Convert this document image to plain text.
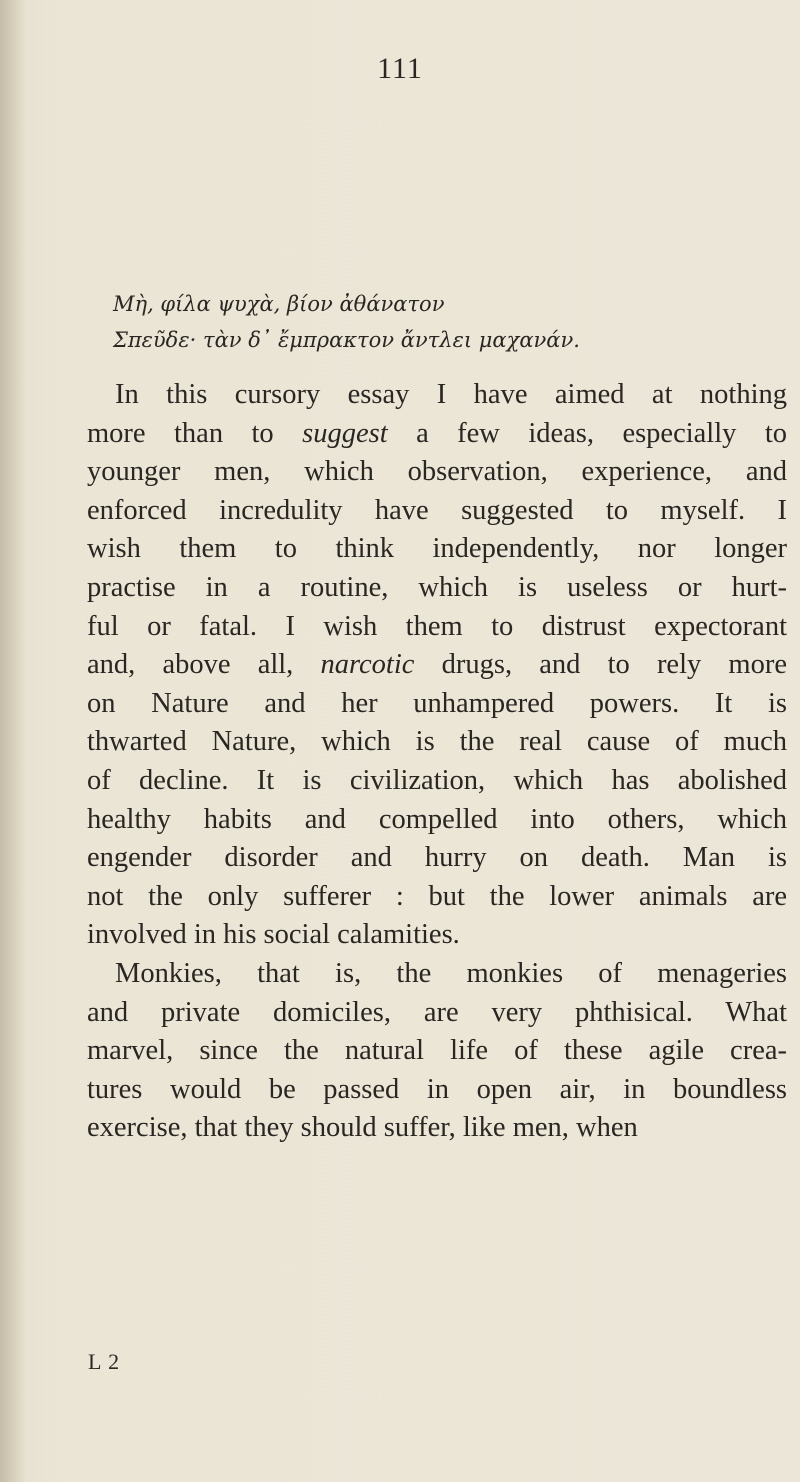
111

Μὴ, φίλα ψυχὰ, βίον ἀθάνατον

Σπεῦδε· τὰν δ᾽ ἔμπρακτον ἄντλει μαχανάν.

In this cursory essay I have aimed at nothing
more than to suggest a few ideas, especially to
younger men, which observation, experience, and
enforced incredulity have suggested to myself. I
wish them to think independently, nor longer
practise in a routine, which is useless or hurt-
ful or fatal. I wish them to distrust expectorant
and, above all, narcotic drugs, and to rely more
on Nature and her unhampered powers. It is
thwarted Nature, which is the real cause of much
of decline. It is civilization, which has abolished
healthy habits and compelled into others, which
engender disorder and hurry on death. Man is
not the only sufferer : but the lower animals are
involved in his social calamities.
Monkies, that is, the monkies of menageries
and private domiciles, are very phthisical. What
marvel, since the natural life of these agile crea-
tures would be passed in open air, in boundless
exercise, that they should suffer, like men, when
L 2
